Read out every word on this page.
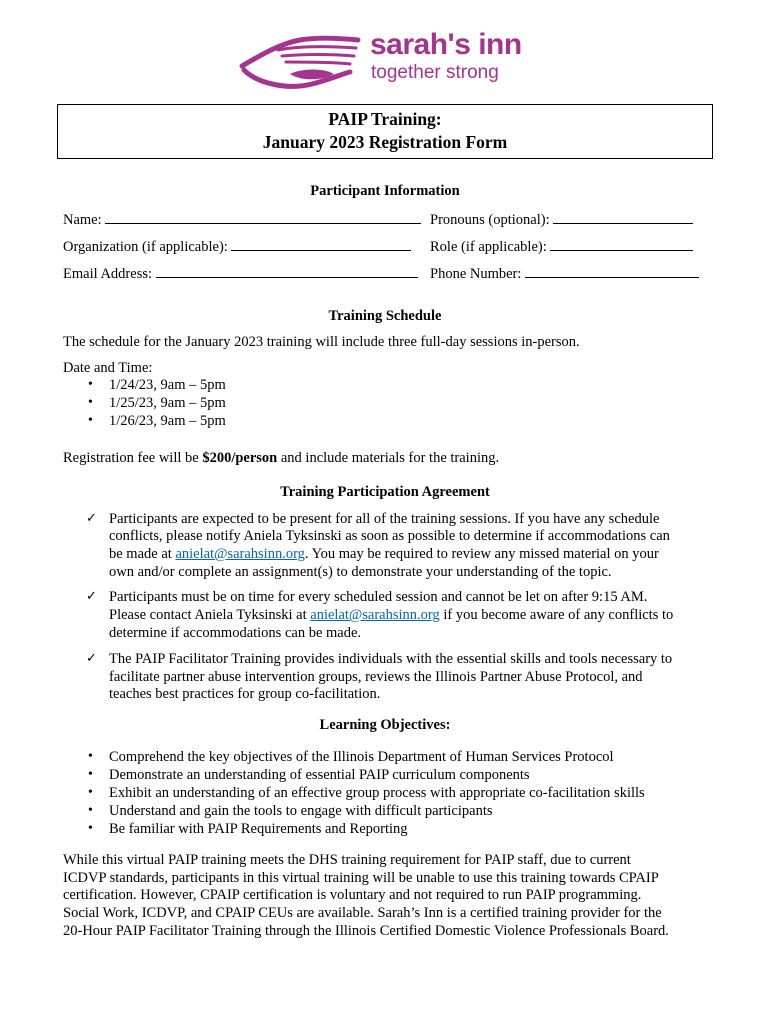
sarah's inn
together strong
PAIP Training:
January 2023 Registration Form
Participant Information
Name:	Pronouns (optional):
Organization (if applicable):	Role (if applicable):
Email Address:	Phone Number:
Training Schedule
The schedule for the January 2023 training will include three full-day sessions in-person.
Date and Time:
• 1/24/23, 9am – 5pm
• 1/25/23, 9am – 5pm
• 1/26/23, 9am – 5pm
Registration fee will be $200/person and include materials for the training.
Training Participation Agreement
✓ Participants are expected to be present for all of the training sessions. If you have any schedule
conflicts, please notify Aniela Tyksinski as soon as possible to determine if accommodations can
be made at anielat@sarahsinn.org. You may be required to review any missed material on your
own and/or complete an assignment(s) to demonstrate your understanding of the topic.
✓ Participants must be on time for every scheduled session and cannot be let on after 9:15 AM.
Please contact Aniela Tyksinski at anielat@sarahsinn.org if you become aware of any conflicts to
determine if accommodations can be made.
✓ The PAIP Facilitator Training provides individuals with the essential skills and tools necessary to
facilitate partner abuse intervention groups, reviews the Illinois Partner Abuse Protocol, and
teaches best practices for group co-facilitation.
Learning Objectives:
• Comprehend the key objectives of the Illinois Department of Human Services Protocol
• Demonstrate an understanding of essential PAIP curriculum components
• Exhibit an understanding of an effective group process with appropriate co-facilitation skills
• Understand and gain the tools to engage with difficult participants
• Be familiar with PAIP Requirements and Reporting
While this virtual PAIP training meets the DHS training requirement for PAIP staff, due to current
ICDVP standards, participants in this virtual training will be unable to use this training towards CPAIP
certification. However, CPAIP certification is voluntary and not required to run PAIP programming.
Social Work, ICDVP, and CPAIP CEUs are available. Sarah’s Inn is a certified training provider for the
20-Hour PAIP Facilitator Training through the Illinois Certified Domestic Violence Professionals Board.
